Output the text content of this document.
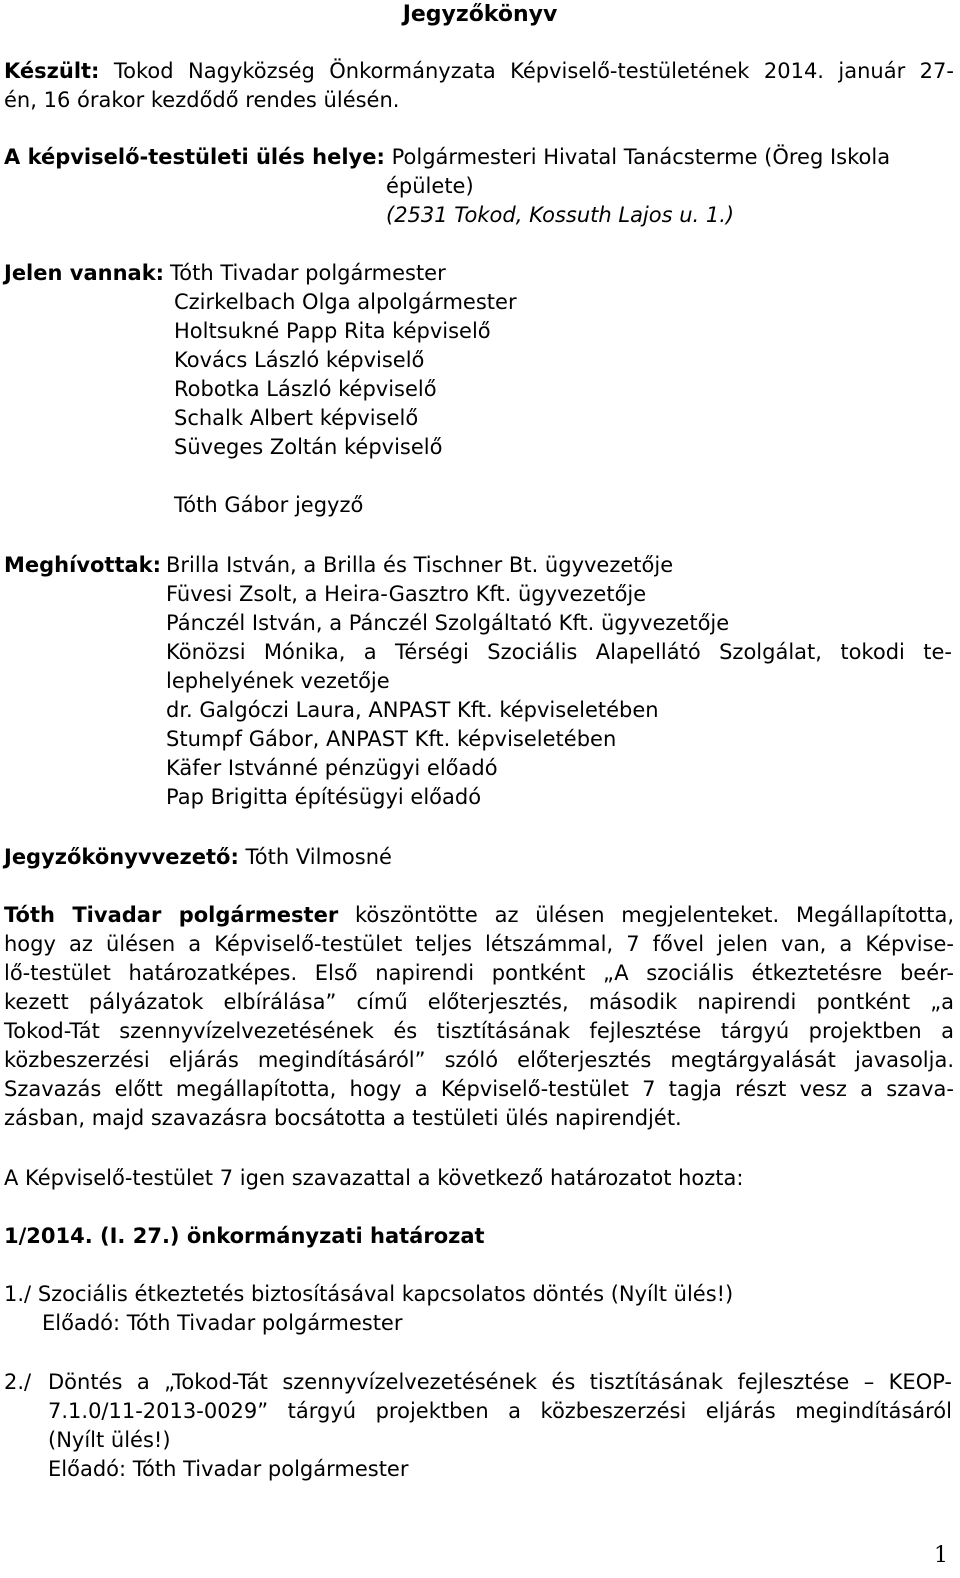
Jegyzőkönyv
Készült: Tokod Nagyközség Önkormányzata Képviselő-testületének 2014. január 27-
én, 16 órakor kezdődő rendes ülésén.
A képviselő-testületi ülés helye: Polgármesteri Hivatal Tanácsterme (Öreg Iskola
épülete)
(2531 Tokod, Kossuth Lajos u. 1.)
Jelen vannak: Tóth Tivadar polgármester
Czirkelbach Olga alpolgármester
Holtsukné Papp Rita képviselő
Kovács László képviselő
Robotka László képviselő
Schalk Albert képviselő
Süveges Zoltán képviselő
Tóth Gábor jegyző
Meghívottak: Brilla István, a Brilla és Tischner Bt. ügyvezetője
Füvesi Zsolt, a Heira-Gasztro Kft. ügyvezetője
Pánczél István, a Pánczél Szolgáltató Kft. ügyvezetője
Könözsi Mónika, a Térségi Szociális Alapellátó Szolgálat, tokodi te-
lephelyének vezetője
dr. Galgóczi Laura, ANPAST Kft. képviseletében
Stumpf Gábor, ANPAST Kft. képviseletében
Käfer Istvánné pénzügyi előadó
Pap Brigitta építésügyi előadó
Jegyzőkönyvvezető: Tóth Vilmosné
Tóth Tivadar polgármester köszöntötte az ülésen megjelenteket. Megállapította,
hogy az ülésen a Képviselő-testület teljes létszámmal, 7 fővel jelen van, a Képvise-
lő-testület határozatképes. Első napirendi pontként „A szociális étkeztetésre beér-
kezett pályázatok elbírálása” című előterjesztés, második napirendi pontként „a
Tokod-Tát szennyvízelvezetésének és tisztításának fejlesztése tárgyú projektben a
közbeszerzési eljárás megindításáról” szóló előterjesztés megtárgyalását javasolja.
Szavazás előtt megállapította, hogy a Képviselő-testület 7 tagja részt vesz a szava-
zásban, majd szavazásra bocsátotta a testületi ülés napirendjét.
A Képviselő-testület 7 igen szavazattal a következő határozatot hozta:
1/2014. (I. 27.) önkormányzati határozat
1./ Szociális étkeztetés biztosításával kapcsolatos döntés (Nyílt ülés!)
Előadó: Tóth Tivadar polgármester
2./ Döntés a „Tokod-Tát szennyvízelvezetésének és tisztításának fejlesztése – KEOP-
7.1.0/11-2013-0029” tárgyú projektben a közbeszerzési eljárás megindításáról
(Nyílt ülés!)
Előadó: Tóth Tivadar polgármester
1
